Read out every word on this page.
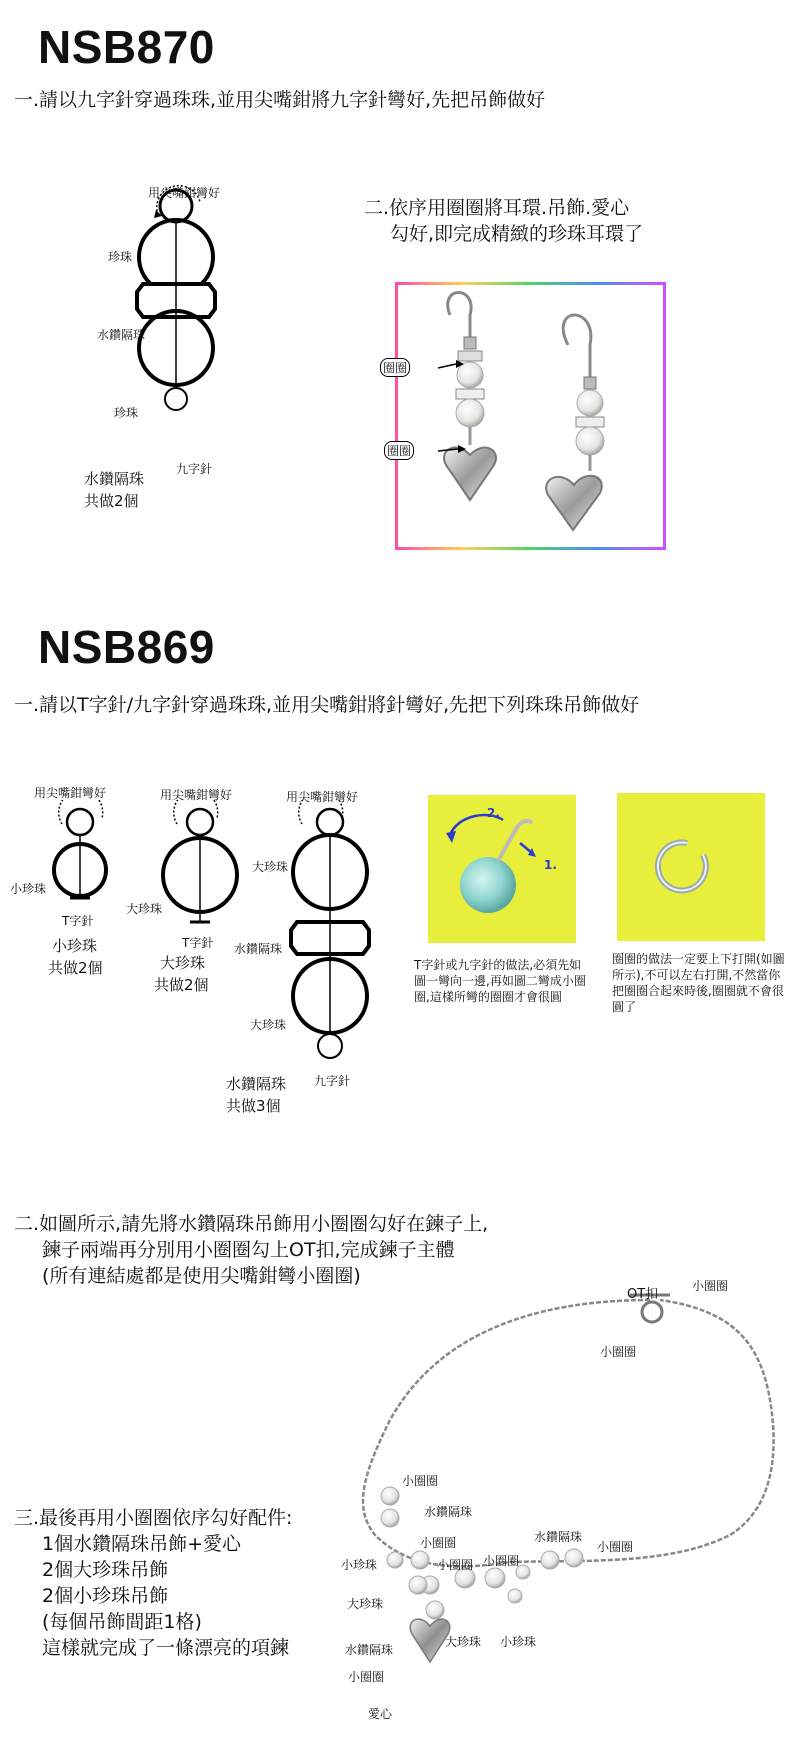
NSB870
一.請以九字針穿過珠珠,並用尖嘴鉗將九字針彎好,先把吊飾做好
用尖嘴鉗彎好
珍珠
水鑽隔珠
珍珠
九字針
水鑽隔珠
共做2個
二.依序用圈圈將耳環.吊飾.愛心
勾好,即完成精緻的珍珠耳環了
圈圈
圈圈
NSB869
一.請以T字針/九字針穿過珠珠,並用尖嘴鉗將針彎好,先把下列珠珠吊飾做好
用尖嘴鉗彎好
小珍珠
T字針
小珍珠
共做2個
用尖嘴鉗彎好
大珍珠
T字針
大珍珠
共做2個
用尖嘴鉗彎好
大珍珠
水鑽隔珠
大珍珠
九字針
水鑽隔珠
共做3個
2.
1.
T字針或九字針的做法,必須先如圖一彎向一邊,再如圖二彎成小圈圈,這樣所彎的圈圈才會很圓
圈圈的做法一定要上下打開(如圖所示),不可以左右打開,不然當你把圈圈合起來時後,圈圈就不會很圓了
二.如圖所示,請先將水鑽隔珠吊飾用小圈圈勾好在鍊子上,
鍊子兩端再分別用小圈圈勾上OT扣,完成鍊子主體
(所有連結處都是使用尖嘴鉗彎小圈圈)
三.最後再用小圈圈依序勾好配件:
1個水鑽隔珠吊飾+愛心
2個大珍珠吊飾
2個小珍珠吊飾
(每個吊飾間距1格)
這樣就完成了一條漂亮的項鍊
OT扣
小圈圈
小圈圈
小圈圈
水鑽隔珠
小圈圈
小珍珠	小圈圈 小圈圈
水鑽隔珠
小圈圈
大珍珠
水鑽隔珠
大珍珠 小珍珠
小圈圈
愛心
